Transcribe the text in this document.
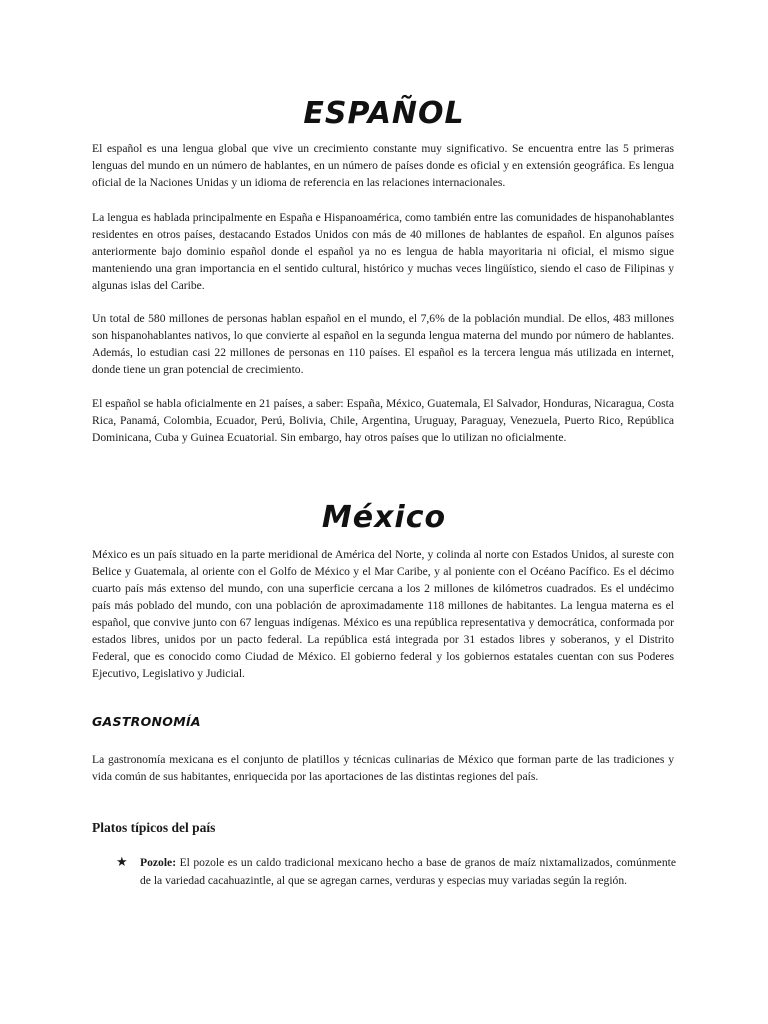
ESPAÑOL

El español es una lengua global que vive un crecimiento constante muy significativo. Se encuentra entre las 5 primeras lenguas del mundo en un número de hablantes, en un número de países donde es oficial y en extensión geográfica. Es lengua oficial de la Naciones Unidas y un idioma de referencia en las relaciones internacionales.

La lengua es hablada principalmente en España e Hispanoamérica, como también entre las comunidades de hispanohablantes residentes en otros países, destacando Estados Unidos con más de 40 millones de hablantes de español. En algunos países anteriormente bajo dominio español donde el español ya no es lengua de habla mayoritaria ni oficial, el mismo sigue manteniendo una gran importancia en el sentido cultural, histórico y muchas veces lingüístico, siendo el caso de Filipinas y algunas islas del Caribe.

Un total de 580 millones de personas hablan español en el mundo, el 7,6% de la población mundial. De ellos, 483 millones son hispanohablantes nativos, lo que convierte al español en la segunda lengua materna del mundo por número de hablantes. Además, lo estudian casi 22 millones de personas en 110 países. El español es la tercera lengua más utilizada en internet, donde tiene un gran potencial de crecimiento.

El español se habla oficialmente en 21 países, a saber: España, México, Guatemala, El Salvador, Honduras, Nicaragua, Costa Rica, Panamá, Colombia, Ecuador, Perú, Bolivia, Chile, Argentina, Uruguay, Paraguay, Venezuela, Puerto Rico, República Dominicana, Cuba y Guinea Ecuatorial. Sin embargo, hay otros países que lo utilizan no oficialmente.

México

México es un país situado en la parte meridional de América del Norte, y colinda al norte con Estados Unidos, al sureste con Belice y Guatemala, al oriente con el Golfo de México y el Mar Caribe, y al poniente con el Océano Pacífico. Es el décimo cuarto país más extenso del mundo, con una superficie cercana a los 2 millones de kilómetros cuadrados. Es el undécimo país más poblado del mundo, con una población de aproximadamente 118 millones de habitantes. La lengua materna es el español, que convive junto con 67 lenguas indígenas. México es una república representativa y democrática, conformada por estados libres, unidos por un pacto federal. La república está integrada por 31 estados libres y soberanos, y el Distrito Federal, que es conocido como Ciudad de México. El gobierno federal y los gobiernos estatales cuentan con sus Poderes Ejecutivo, Legislativo y Judicial.

GASTRONOMÍA

La gastronomía mexicana es el conjunto de platillos y técnicas culinarias de México que forman parte de las tradiciones y vida común de sus habitantes, enriquecida por las aportaciones de las distintas regiones del país.

Platos típicos del país
★ Pozole: El pozole es un caldo tradicional mexicano hecho a base de granos de maíz nixtamalizados, comúnmente de la variedad cacahuazintle, al que se agregan carnes, verduras y especias muy variadas según la región.
